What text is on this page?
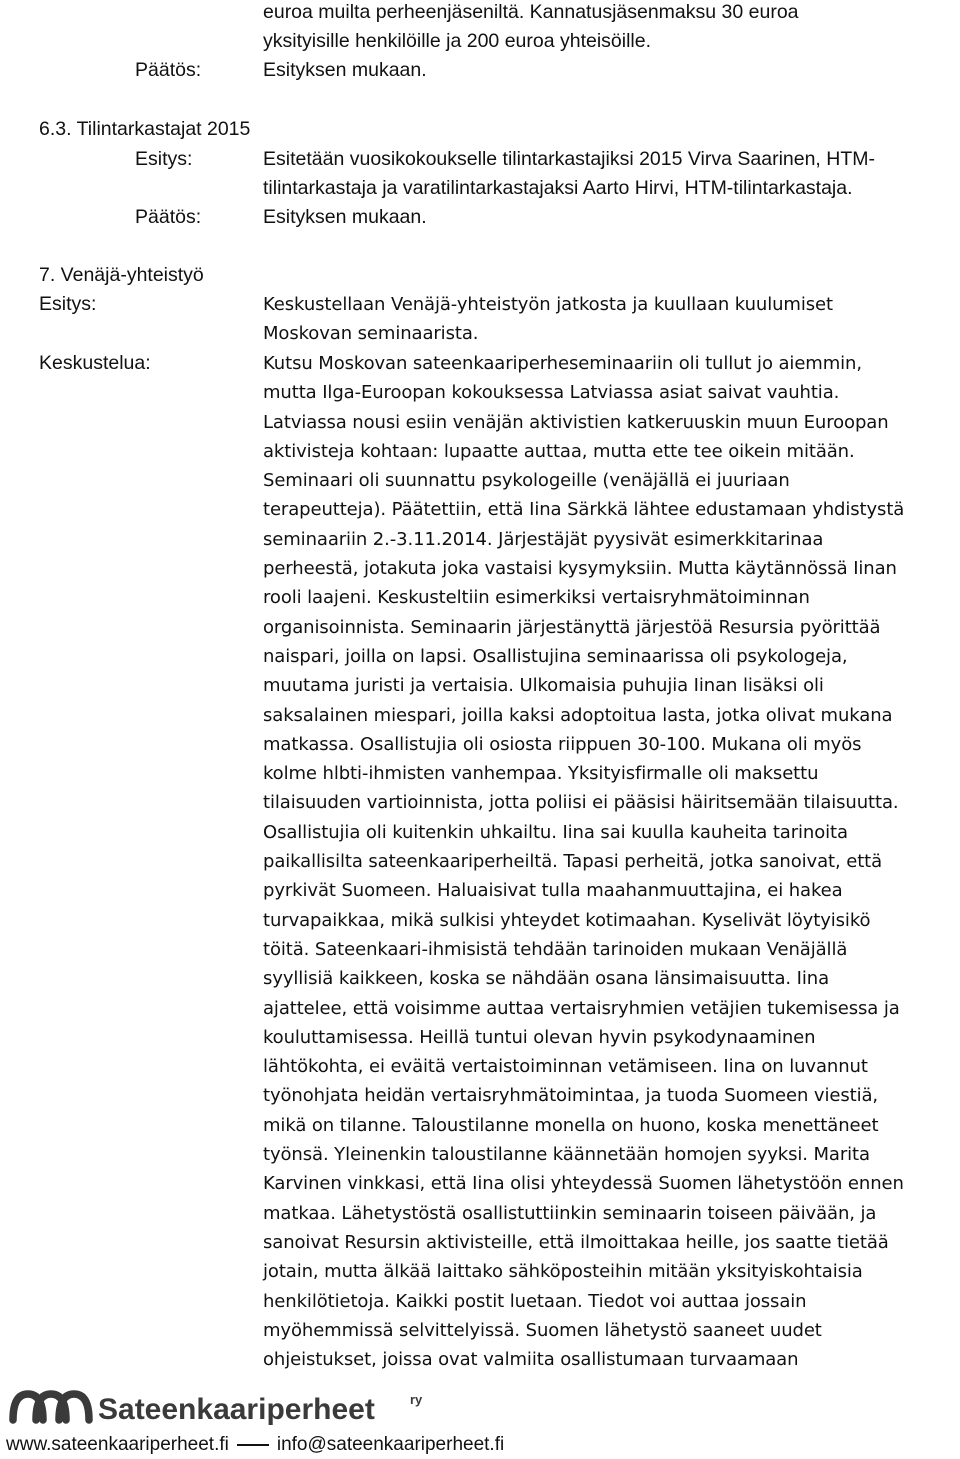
euroa muilta perheenjäseniltä. Kannatusjäsenmaksu 30 euroa
yksityisille henkilöille ja 200 euroa yhteisöille.
Päätös:	Esityksen mukaan.
6.3. Tilintarkastajat 2015
Esitys:	Esitetään vuosikokoukselle tilintarkastajiksi 2015 Virva Saarinen, HTM-
tilintarkastaja ja varatilintarkastajaksi Aarto Hirvi, HTM-tilintarkastaja.
Päätös:	Esityksen mukaan.
7. Venäjä-yhteistyö
Esitys:	Keskustellaan Venäjä-yhteistyön jatkosta ja kuullaan kuulumiset
Moskovan seminaarista.
Keskustelua:	Kutsu Moskovan sateenkaariperheseminaariin oli tullut jo aiemmin,
mutta Ilga-Euroopan kokouksessa Latviassa asiat saivat vauhtia.
Latviassa nousi esiin venäjän aktivistien katkeruuskin muun Euroopan
aktivisteja kohtaan: lupaatte auttaa, mutta ette tee oikein mitään.
Seminaari oli suunnattu psykologeille (venäjällä ei juuriaan
terapeutteja). Päätettiin, että Iina Särkkä lähtee edustamaan yhdistystä
seminaariin 2.-3.11.2014. Järjestäjät pyysivät esimerkkitarinaa
perheestä, jotakuta joka vastaisi kysymyksiin. Mutta käytännössä Iinan
rooli laajeni. Keskusteltiin esimerkiksi vertaisryhmätoiminnan
organisoinnista. Seminaarin järjestänyttä järjestöä Resursia pyörittää
naispari, joilla on lapsi. Osallistujina seminaarissa oli psykologeja,
muutama juristi ja vertaisia. Ulkomaisia puhujia Iinan lisäksi oli
saksalainen miespari, joilla kaksi adoptoitua lasta, jotka olivat mukana
matkassa. Osallistujia oli osiosta riippuen 30-100. Mukana oli myös
kolme hlbti-ihmisten vanhempaa. Yksityisfirmalle oli maksettu
tilaisuuden vartioinnista, jotta poliisi ei pääsisi häiritsemään tilaisuutta.
Osallistujia oli kuitenkin uhkailtu. Iina sai kuulla kauheita tarinoita
paikallisilta sateenkaariperheiltä. Tapasi perheitä, jotka sanoivat, että
pyrkivät Suomeen. Haluaisivat tulla maahanmuuttajina, ei hakea
turvapaikkaa, mikä sulkisi yhteydet kotimaahan. Kyselivät löytyisikö
töitä. Sateenkaari-ihmisistä tehdään tarinoiden mukaan Venäjällä
syyllisiä kaikkeen, koska se nähdään osana länsimaisuutta. Iina
ajattelee, että voisimme auttaa vertaisryhmien vetäjien tukemisessa ja
kouluttamisessa. Heillä tuntui olevan hyvin psykodynaaminen
lähtökohta, ei eväitä vertaistoiminnan vetämiseen. Iina on luvannut
työnohjata heidän vertaisryhmätoimintaa, ja tuoda Suomeen viestiä,
mikä on tilanne. Taloustilanne monella on huono, koska menettäneet
työnsä. Yleinenkin taloustilanne käännetään homojen syyksi. Marita
Karvinen vinkkasi, että Iina olisi yhteydessä Suomen lähetystöön ennen
matkaa. Lähetystöstä osallistuttiinkin seminaarin toiseen päivään, ja
sanoivat Resursin aktivisteille, että ilmoittakaa heille, jos saatte tietää
jotain, mutta älkää laittako sähköposteihin mitään yksityiskohtaisia
henkilötietoja. Kaikki postit luetaan. Tiedot voi auttaa jossain
myöhemmissä selvittelyissä. Suomen lähetystö saaneet uudet
ohjeistukset, joissa ovat valmiita osallistumaan turvaamaan
Sateenkaariperheet	ry
www.sateenkaariperheet.fi	info@sateenkaariperheet.fi
